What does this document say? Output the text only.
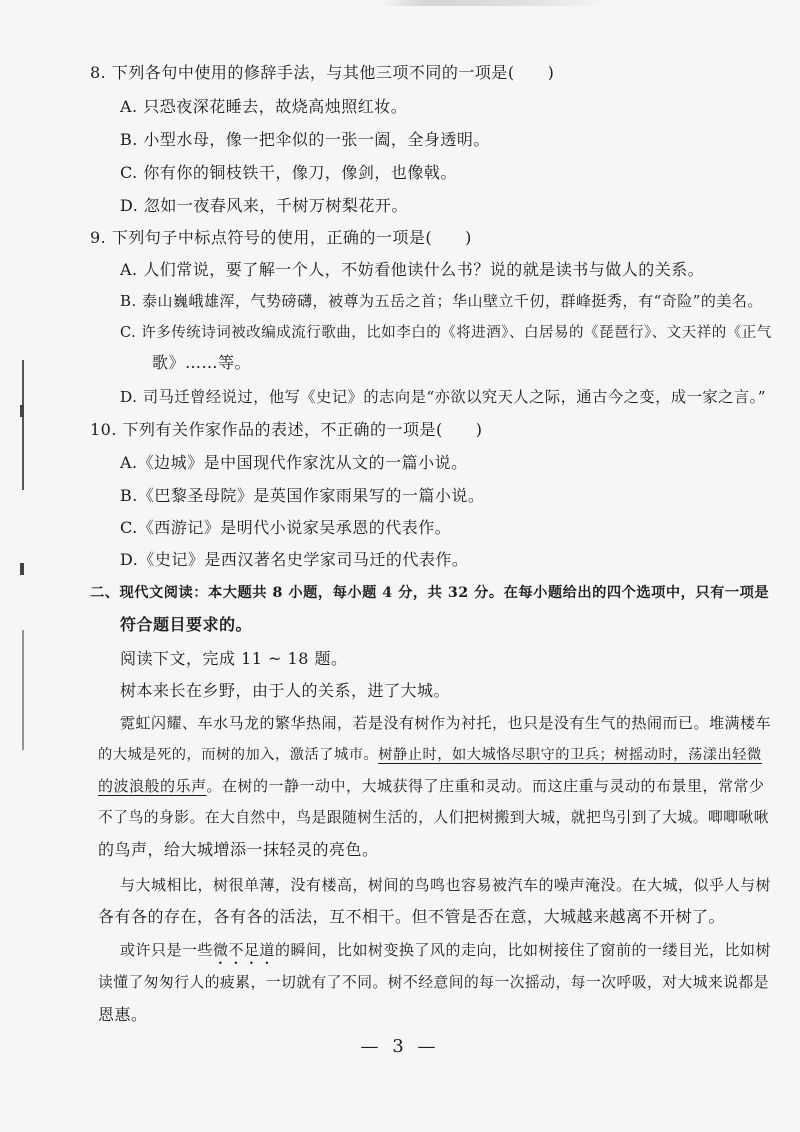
8. 下列各句中使用的修辞手法，与其他三项不同的一项是(　　)
A. 只恐夜深花睡去，故烧高烛照红妆。
B. 小型水母，像一把伞似的一张一阖，全身透明。
C. 你有你的铜枝铁干，像刀，像剑，也像戟。
D. 忽如一夜春风来，千树万树梨花开。
9. 下列句子中标点符号的使用，正确的一项是(　　)
A. 人们常说，要了解一个人，不妨看他读什么书？说的就是读书与做人的关系。
B. 泰山巍峨雄浑，气势磅礴，被尊为五岳之首；华山壁立千仞，群峰挺秀，有“奇险”的美名。
C. 许多传统诗词被改编成流行歌曲，比如李白的《将进酒》、白居易的《琵琶行》、文天祥的《正气
歌》……等。
D. 司马迁曾经说过，他写《史记》的志向是“亦欲以究天人之际，通古今之变，成一家之言。”
10. 下列有关作家作品的表述，不正确的一项是(　　)
A.《边城》是中国现代作家沈从文的一篇小说。
B.《巴黎圣母院》是英国作家雨果写的一篇小说。
C.《西游记》是明代小说家吴承恩的代表作。
D.《史记》是西汉著名史学家司马迁的代表作。
二、现代文阅读：本大题共 8 小题，每小题 4 分，共 32 分。在每小题给出的四个选项中，只有一项是
符合题目要求的。
阅读下文，完成 11 ~ 18 题。
树本来长在乡野，由于人的关系，进了大城。
霓虹闪耀、车水马龙的繁华热闹，若是没有树作为衬托，也只是没有生气的热闹而已。堆满楼车
的大城是死的，而树的加入，激活了城市。树静止时，如大城恪尽职守的卫兵；树摇动时，荡漾出轻微
的波浪般的乐声。在树的一静一动中，大城获得了庄重和灵动。而这庄重与灵动的布景里，常常少
不了鸟的身影。在大自然中，鸟是跟随树生活的，人们把树搬到大城，就把鸟引到了大城。唧唧啾啾
的鸟声，给大城增添一抹轻灵的亮色。
与大城相比，树很单薄，没有楼高，树间的鸟鸣也容易被汽车的噪声淹没。在大城，似乎人与树
各有各的存在，各有各的活法，互不相干。但不管是否在意，大城越来越离不开树了。
或许只是一些微不足道的瞬间，比如树变换了风的走向，比如树接住了窗前的一缕目光，比如树
读懂了匆匆行人的疲累，一切就有了不同。树不经意间的每一次摇动，每一次呼吸，对大城来说都是
恩惠。
— 3 —
